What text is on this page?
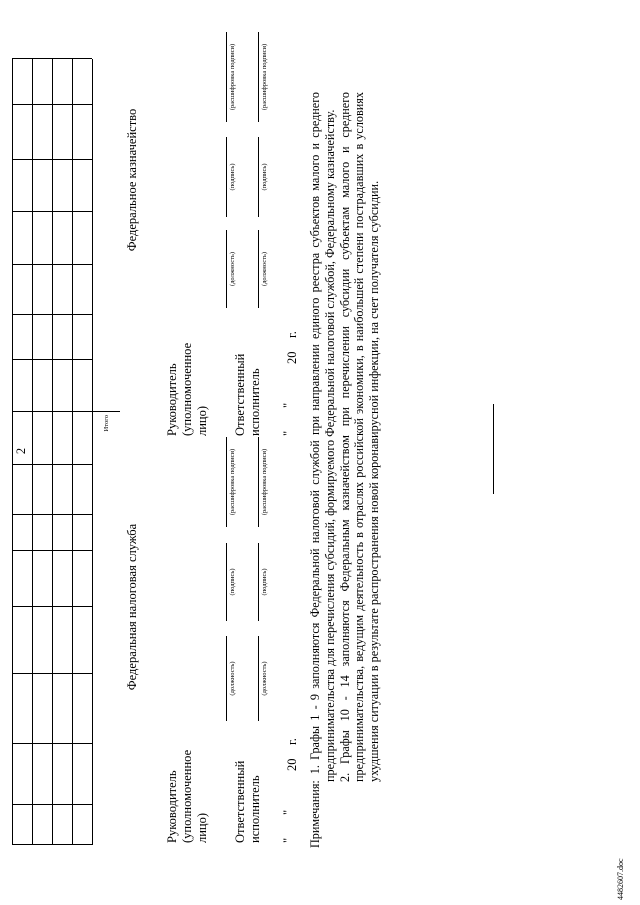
2
Итого
Федеральная налоговая служба
Руководитель
(уполномоченное
лицо)
(должность)
(подпись)
(расшифровка подписи)
Ответственный
исполнитель
(должность)
(подпись)
(расшифровка подписи)
"
"
20
г.
Федеральное казначейство
Руководитель
(уполномоченное
лицо)
(должность)
(подпись)
(расшифровка подписи)
Ответственный
исполнитель
(должность)
(подпись)
(расшифровка подписи)
"
"
20
г.

Примечания:1. Графы 1 - 9 заполняются Федеральной налоговой службой при направлении единого реестра субъектов малого и среднего предпринимательства для перечисления субсидий, формируемого Федеральной налоговой службой, Федеральному казначейству. 2. Графы 10 - 14 заполняются Федеральным казначейством при перечислении субсидии субъектам малого и среднего предпринимательства, ведущим деятельность в отраслях российской экономики, в наибольшей степени пострадавших в условиях ухудшения ситуации в результате распространения новой коронавирусной инфекции, на счет получателя субсидии.

4482607.doc
